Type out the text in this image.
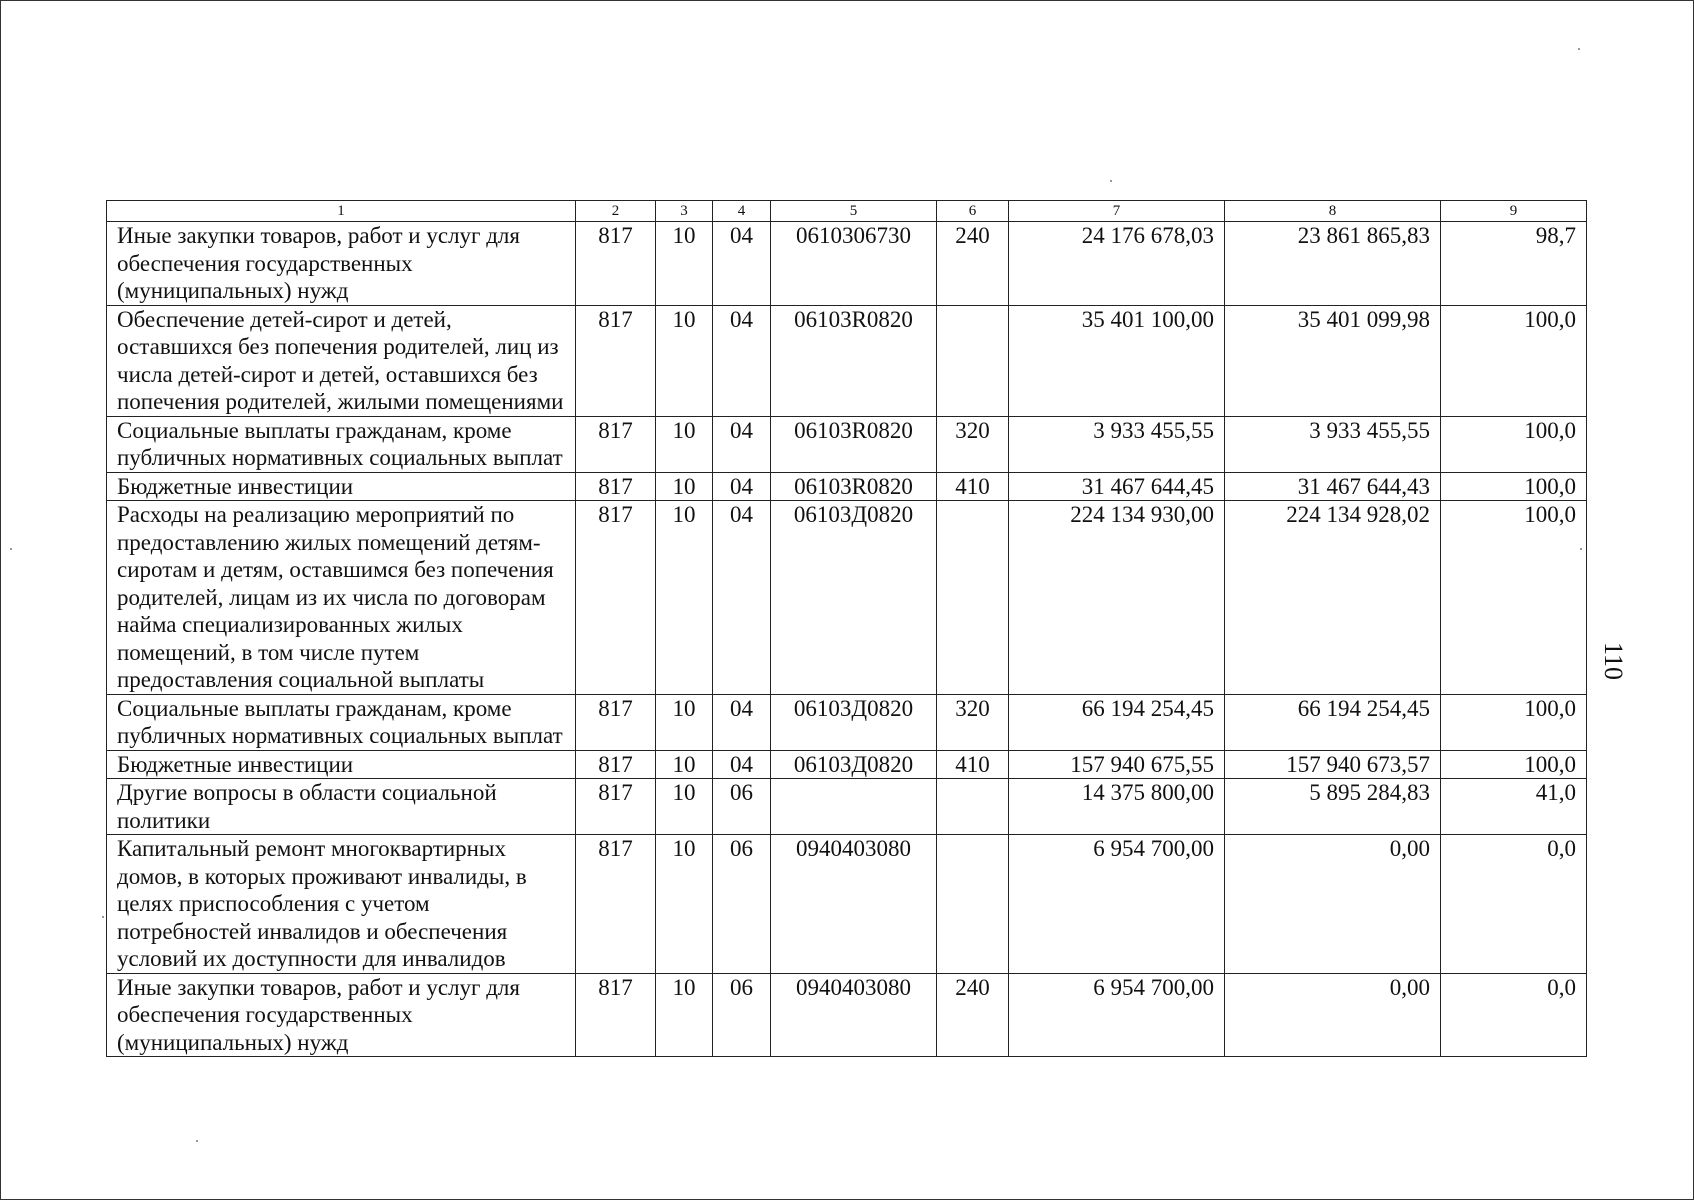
1	2	3	4	5	6	7	8	9
Иные закупки товаров, работ и услуг для обеспечения государственных (муниципальных) нужд	817	10	04	0610306730	240	24 176 678,03	23 861 865,83	98,7
Обеспечение детей-сирот и детей, оставшихся без попечения родителей, лиц из числа детей-сирот и детей, оставшихся без попечения родителей, жилыми помещениями	817	10	04	06103R0820		35 401 100,00	35 401 099,98	100,0
Социальные выплаты гражданам, кроме публичных нормативных социальных выплат	817	10	04	06103R0820	320	3 933 455,55	3 933 455,55	100,0
Бюджетные инвестиции	817	10	04	06103R0820	410	31 467 644,45	31 467 644,43	100,0
Расходы на реализацию мероприятий по предоставлению жилых помещений детям-сиротам и детям, оставшимся без попечения родителей, лицам из их числа по договорам найма специализированных жилых помещений, в том числе путем предоставления социальной выплаты	817	10	04	06103Д0820		224 134 930,00	224 134 928,02	100,0
Социальные выплаты гражданам, кроме публичных нормативных социальных выплат	817	10	04	06103Д0820	320	66 194 254,45	66 194 254,45	100,0
Бюджетные инвестиции	817	10	04	06103Д0820	410	157 940 675,55	157 940 673,57	100,0
Другие вопросы в области социальной политики	817	10	06			14 375 800,00	5 895 284,83	41,0
Капитальный ремонт многоквартирных домов, в которых проживают инвалиды, в целях приспособления с учетом потребностей инвалидов и обеспечения условий их доступности для инвалидов	817	10	06	0940403080		6 954 700,00	0,00	0,0
Иные закупки товаров, работ и услуг для обеспечения государственных (муниципальных) нужд	817	10	06	0940403080	240	6 954 700,00	0,00	0,0
110
